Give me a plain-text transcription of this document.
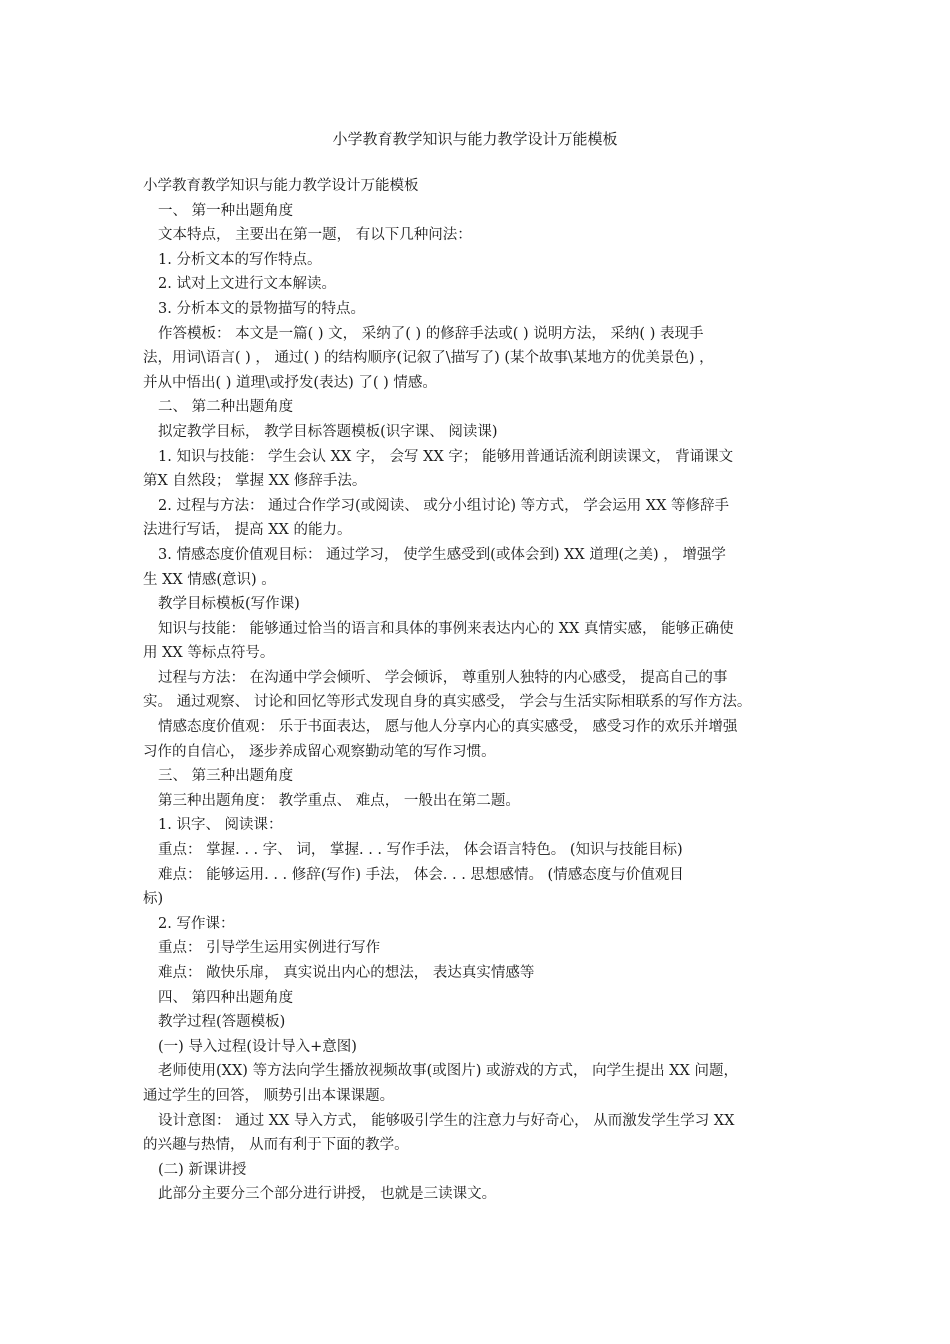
小学教育教学知识与能力教学设计万能模板
小学教育教学知识与能力教学设计万能模板
一、 第一种出题角度
文本特点， 主要出在第一题， 有以下几种问法：
1. 分析文本的写作特点。
2. 试对上文进行文本解读。
3. 分析本文的景物描写的特点。
作答模板： 本文是一篇( ) 文， 采纳了( ) 的修辞手法或( ) 说明方法， 采纳( ) 表现手
法，用词\语言( ) ， 通过( ) 的结构顺序(记叙了\描写了) (某个故事\某地方的优美景色) ，
并从中悟出( ) 道理\或抒发(表达) 了( ) 情感。
二、 第二种出题角度
拟定教学目标， 教学目标答题模板(识字课、 阅读课)
1. 知识与技能： 学生会认 XX 字， 会写 XX 字； 能够用普通话流利朗读课文， 背诵课文
第X 自然段； 掌握 XX 修辞手法。
2. 过程与方法： 通过合作学习(或阅读、 或分小组讨论) 等方式， 学会运用 XX 等修辞手
法进行写话， 提高 XX 的能力。
3. 情感态度价值观目标： 通过学习， 使学生感受到(或体会到) XX 道理(之美) ， 增强学
生 XX 情感(意识) 。
教学目标模板(写作课)
知识与技能： 能够通过恰当的语言和具体的事例来表达内心的 XX 真情实感， 能够正确使
用 XX 等标点符号。
过程与方法： 在沟通中学会倾听、 学会倾诉， 尊重别人独特的内心感受， 提高自己的事
实。 通过观察、 讨论和回忆等形式发现自身的真实感受， 学会与生活实际相联系的写作方法。
情感态度价值观： 乐于书面表达， 愿与他人分享内心的真实感受， 感受习作的欢乐并增强
习作的自信心， 逐步养成留心观察勤动笔的写作习惯。
三、 第三种出题角度
第三种出题角度： 教学重点、 难点， 一般出在第二题。
1. 识字、 阅读课：
重点： 掌握. . . 字、 词， 掌握. . . 写作手法， 体会语言特色。 (知识与技能目标)
难点： 能够运用. . . 修辞(写作) 手法， 体会. . . 思想感情。 (情感态度与价值观目
标)
2. 写作课：
重点： 引导学生运用实例进行写作
难点： 敞快乐扉， 真实说出内心的想法， 表达真实情感等
四、 第四种出题角度
教学过程(答题模板)
(一) 导入过程(设计导入+意图)
老师使用(XX) 等方法向学生播放视频故事(或图片) 或游戏的方式， 向学生提出 XX 问题，
通过学生的回答， 顺势引出本课课题。
设计意图： 通过 XX 导入方式， 能够吸引学生的注意力与好奇心， 从而激发学生学习 XX
的兴趣与热情， 从而有利于下面的教学。
(二) 新课讲授
此部分主要分三个部分进行讲授， 也就是三读课文。
